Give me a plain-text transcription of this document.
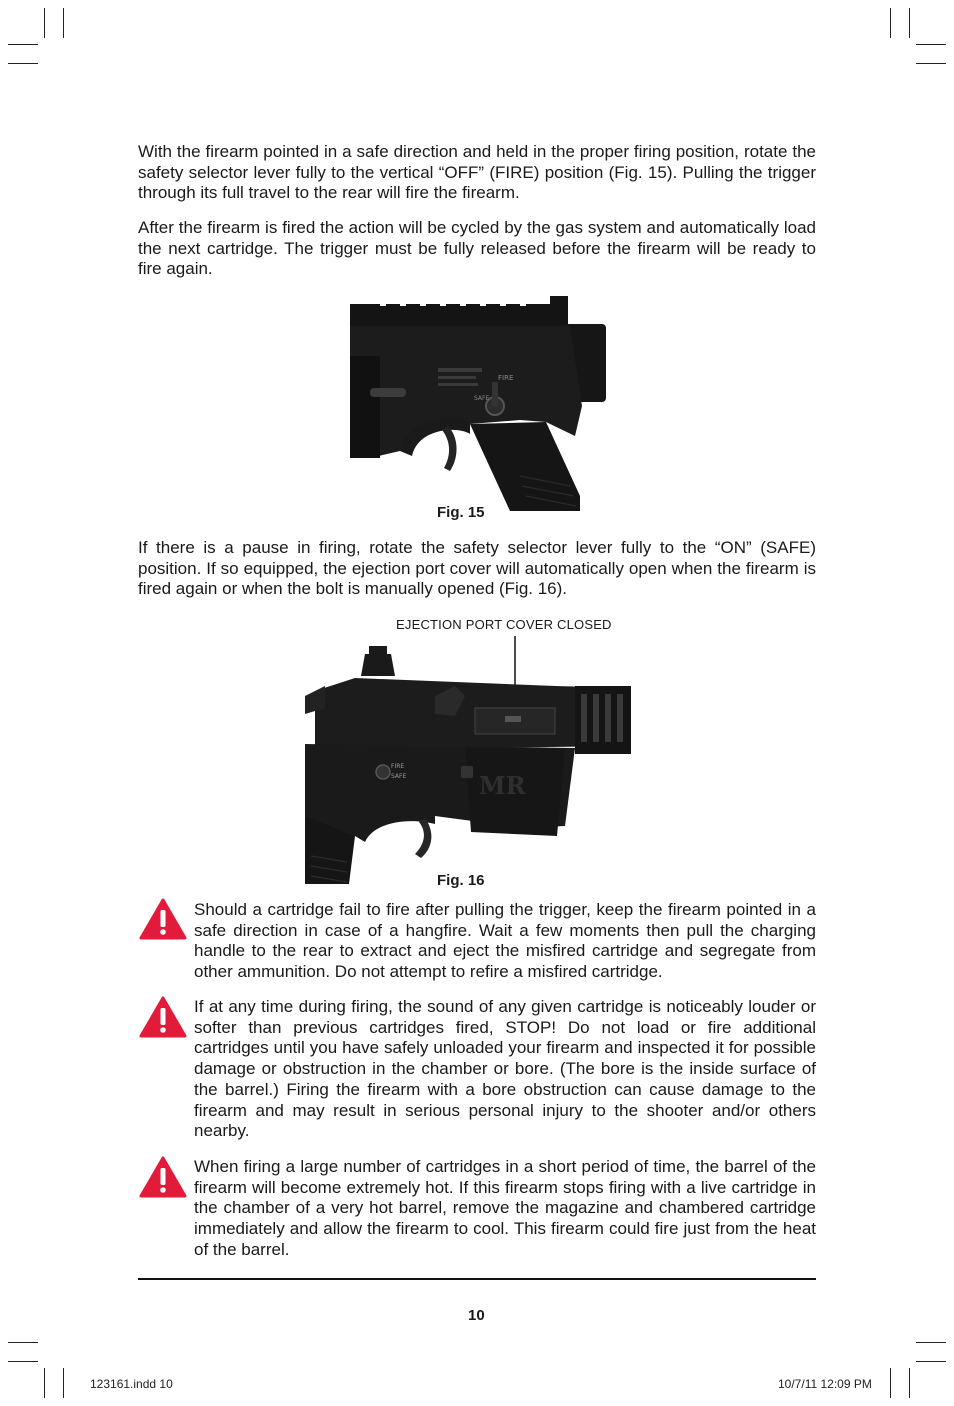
With the firearm pointed in a safe direction and held in the proper firing position, rotate the safety selector lever fully to the vertical “OFF” (FIRE) position (Fig. 15). Pulling the trigger through its full travel to the rear will fire the firearm.

After the firearm is fired the action will be cycled by the gas system and automatically load the next cartridge. The trigger must be fully released before the firearm will be ready to fire again.

FIRE
SAFE

Fig. 15

If there is a pause in firing, rotate the safety selector lever fully to the “ON” (SAFE) position. If so equipped, the ejection port cover will automatically open when the firearm is fired again or when the bolt is manually opened (Fig. 16).

EJECTION PORT COVER CLOSED
MR
FIRE
SAFE

Fig. 16

Should a cartridge fail to fire after pulling the trigger, keep the firearm pointed in a safe direction in case of a hangfire. Wait a few moments then pull the charging handle to the rear to extract and eject the misfired cartridge and segregate from other ammunition. Do not attempt to refire a misfired cartridge.

If at any time during firing, the sound of any given cartridge is noticeably louder or softer than previous cartridges fired, STOP! Do not load or fire additional cartridges until you have safely unloaded your firearm and inspected it for possible damage or obstruction in the chamber or bore. (The bore is the inside surface of the barrel.) Firing the firearm with a bore obstruction can cause damage to the firearm and may result in serious personal injury to the shooter and/or others nearby.

When firing a large number of cartridges in a short period of time, the barrel of the firearm will become extremely hot. If this firearm stops firing with a live cartridge in the chamber of a very hot barrel, remove the magazine and chambered cartridge immediately and allow the firearm to cool. This firearm could fire just from the heat of the barrel.

10
123161.indd 10	10/7/11 12:09 PM
